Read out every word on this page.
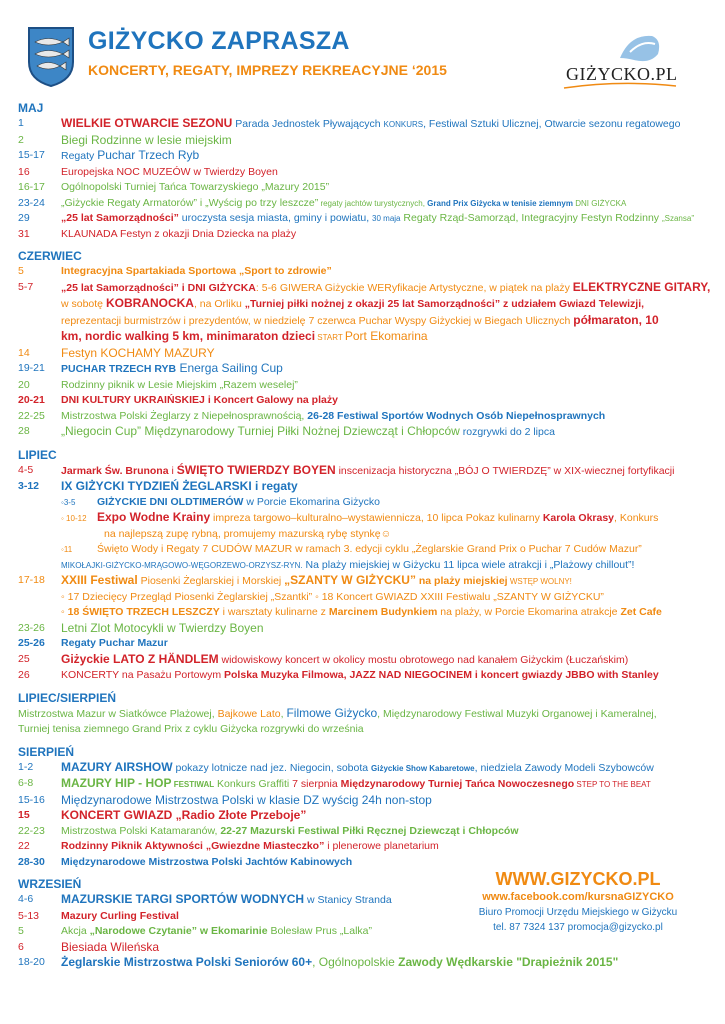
GIŻYCKO ZAPRASZA
KONCERTY, REGATY, IMPREZY REKREACYJNE ‘2015	GIŻYCKO.PL
MAJ
1	WIELKIE OTWARCIE SEZONU Parada Jednostek Pływających KONKURS, Festiwal Sztuki Ulicznej, Otwarcie sezonu regatowego
2	Biegi Rodzinne w lesie miejskim
15-17	Regaty Puchar Trzech Ryb
16	Europejska NOC MUZEÓW w Twierdzy Boyen
16-17	Ogólnopolski Turniej Tańca Towarzyskiego „Mazury 2015”
23-24	„Giżyckie Regaty Armatorów” i „Wyścig po trzy leszcze” regaty jachtów turystycznych, Grand Prix Giżycka w tenisie ziemnym DNI GIŻYCKA
29	„25 lat Samorządności” uroczysta sesja miasta, gminy i powiatu, 30 maja Regaty Rząd-Samorząd, Integracyjny Festyn Rodzinny „Szansa”
31	KLAUNADA Festyn z okazji Dnia Dziecka na plaży
CZERWIEC
5	Integracyjna Spartakiada Sportowa „Sport to zdrowie”
5-7	„25 lat Samorządności” i DNI GIŻYCKA: 5-6 GIWERA Giżyckie WERyfikacje Artystyczne, w piątek na plaży ELEKTRYCZNE GITARY,
w sobotę KOBRANOCKA, na Orliku „Turniej piłki nożnej z okazji 25 lat Samorządności” z udziałem Gwiazd Telewizji,
reprezentacji burmistrzów i prezydentów, w niedzielę 7 czerwca Puchar Wyspy Giżyckiej w Biegach Ulicznych półmaraton, 10
km, nordic walking 5 km, minimaraton dzieci START Port Ekomarina
14	Festyn KOCHAMY MAZURY
19-21	PUCHAR TRZECH RYB Energa Sailing Cup
20	Rodzinny piknik w Lesie Miejskim „Razem weselej”
20-21	DNI KULTURY UKRAIŃSKIEJ i Koncert Galowy na plaży
22-25	Mistrzostwa Polski Żeglarzy z Niepełnosprawnością, 26-28 Festiwal Sportów Wodnych Osób Niepełnosprawnych
28	„Niegocin Cup” Międzynarodowy Turniej Piłki Nożnej Dziewcząt i Chłopców rozgrywki do 2 lipca
LIPIEC
4-5	Jarmark Św. Brunona i ŚWIĘTO TWIERDZY BOYEN inscenizacja historyczna „BÓJ O TWIERDZĘ” w XIX-wiecznej fortyfikacji
3-12	IX GIŻYCKI TYDZIEŃ ŻEGLARSKI i regaty
◦3-5 GIŻYCKIE DNI OLDTIMERÓW w Porcie Ekomarina Giżycko
◦ 10-12 Expo Wodne Krainy impreza targowo–kulturalno–wystawiennicza, 10 lipca Pokaz kulinarny Karola Okrasy, Konkurs
na najlepszą zupę rybną, promujemy mazurską rybę stynkę☺
◦11 Święto Wody i Regaty 7 CUDÓW MAZUR w ramach 3. edycji cyklu „Żeglarskie Grand Prix o Puchar 7 Cudów Mazur”
MIKOŁAJKI-GIŻYCKO-MRĄGOWO-WĘGORZEWO-ORZYSZ-RYN. Na plaży miejskiej w Giżycku 11 lipca wiele atrakcji i „Plażowy chillout”!
17-18	XXIII Festiwal Piosenki Żeglarskiej i Morskiej „SZANTY W GIŻYCKU” na plaży miejskiej WSTĘP WOLNY!
◦ 17 Dziecięcy Przegląd Piosenki Żeglarskiej „Szantki” ◦ 18 Koncert GWIAZD XXIII Festiwalu „SZANTY W GIŻYCKU”
◦ 18 ŚWIĘTO TRZECH LESZCZY i warsztaty kulinarne z Marcinem Budynkiem na plaży, w Porcie Ekomarina atrakcje Zet Cafe
23-26	Letni Zlot Motocykli w Twierdzy Boyen
25-26	Regaty Puchar Mazur
25	Giżyckie LATO Z HÄNDLEM widowiskowy koncert w okolicy mostu obrotowego nad kanałem Giżyckim (Łuczańskim)
26	KONCERTY na Pasażu Portowym Polska Muzyka Filmowa, JAZZ NAD NIEGOCINEM i koncert gwiazdy JBBO with Stanley
LIPIEC/SIERPIEŃ
Mistrzostwa Mazur w Siatkówce Plażowej, Bajkowe Lato, Filmowe Giżycko, Międzynarodowy Festiwal Muzyki Organowej i Kameralnej,
Turniej tenisa ziemnego Grand Prix z cyklu Giżycka rozgrywki do września
SIERPIEŃ
1-2	MAZURY AIRSHOW pokazy lotnicze nad jez. Niegocin, sobota Giżyckie Show Kabaretowe, niedziela Zawody Modeli Szybowców
6-8	MAZURY HIP - HOP FESTIWAL Konkurs Graffiti 7 sierpnia Międzynarodowy Turniej Tańca Nowoczesnego STEP TO THE BEAT
15-16	Międzynarodowe Mistrzostwa Polski w klasie DZ wyścig 24h non-stop
15	KONCERT GWIAZD „Radio Złote Przeboje”
22-23	Mistrzostwa Polski Katamaranów, 22-27 Mazurski Festiwal Piłki Ręcznej Dziewcząt i Chłopców
22	Rodzinny Piknik Aktywności „Gwiezdne Miasteczko” i plenerowe planetarium
28-30	Międzynarodowe Mistrzostwa Polski Jachtów Kabinowych
WRZESIEŃ
4-6	MAZURSKIE TARGI SPORTÓW WODNYCH w Stanicy Stranda
5-13	Mazury Curling Festival
5	Akcja „Narodowe Czytanie” w Ekomarinie Bolesław Prus „Lalka”
6	Biesiada Wileńska
18-20	Żeglarskie Mistrzostwa Polski Seniorów 60+, Ogólnopolskie Zawody Wędkarskie "Drapieżnik 2015"
WWW.GIZYCKO.PL
www.facebook.com/kursnaGIZYCKO
Biuro Promocji Urzędu Miejskiego w Giżycku
tel. 87 7324 137 promocja@gizycko.pl
